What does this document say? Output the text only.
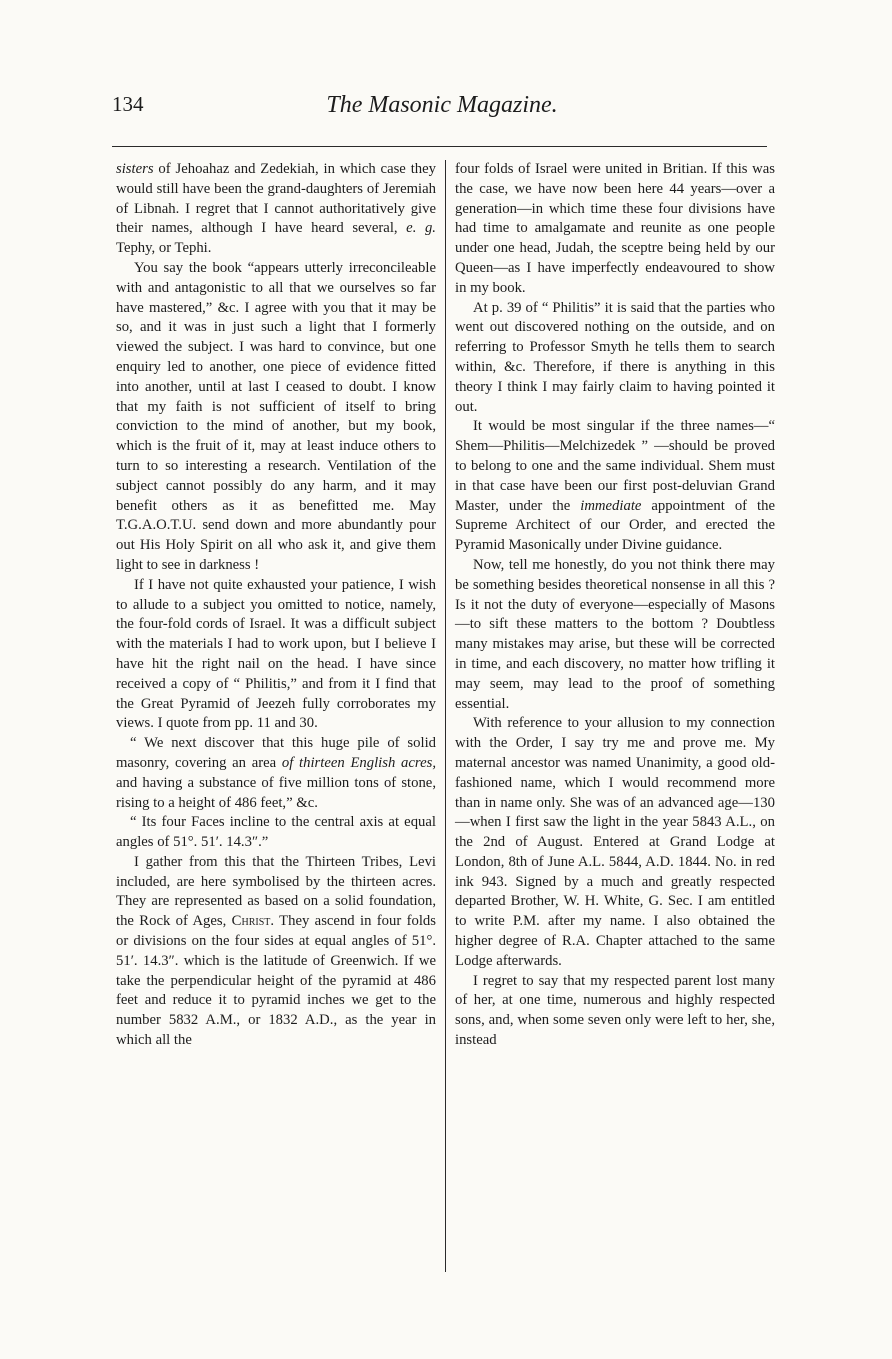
134	The Masonic Magazine.

sisters of Jehoahaz and Zedekiah, in which case they would still have been the grand-daughters of Jeremiah of Libnah. I regret that I cannot authoritatively give their names, although I have heard several, e. g. Tephy, or Tephi.

You say the book “appears utterly irreconcileable with and antagonistic to all that we ourselves so far have mastered,” &c. I agree with you that it may be so, and it was in just such a light that I formerly viewed the subject. I was hard to convince, but one enquiry led to another, one piece of evidence fitted into another, until at last I ceased to doubt. I know that my faith is not sufficient of itself to bring conviction to the mind of another, but my book, which is the fruit of it, may at least induce others to turn to so interesting a research. Ventilation of the subject cannot possibly do any harm, and it may benefit others as it as benefitted me. May T.G.A.O.T.U. send down and more abundantly pour out His Holy Spirit on all who ask it, and give them light to see in darkness !

If I have not quite exhausted your patience, I wish to allude to a subject you omitted to notice, namely, the four-fold cords of Israel. It was a difficult subject with the materials I had to work upon, but I believe I have hit the right nail on the head. I have since received a copy of “ Philitis,” and from it I find that the Great Pyramid of Jeezeh fully corroborates my views. I quote from pp. 11 and 30.

“ We next discover that this huge pile of solid masonry, covering an area of thirteen English acres, and having a substance of five million tons of stone, rising to a height of 486 feet,” &c.

“ Its four Faces incline to the central axis at equal angles of 51°. 51′. 14.3″.”

I gather from this that the Thirteen Tribes, Levi included, are here symbolised by the thirteen acres. They are represented as based on a solid foundation, the Rock of Ages, Christ. They ascend in four folds or divisions on the four sides at equal angles of 51°. 51′. 14.3″. which is the latitude of Greenwich. If we take the perpendicular height of the pyramid at 486 feet and reduce it to pyramid inches we get to the number 5832 A.M., or 1832 A.D., as the year in which all the

four folds of Israel were united in Britian. If this was the case, we have now been here 44 years—over a generation—in which time these four divisions have had time to amalgamate and reunite as one people under one head, Judah, the sceptre being held by our Queen—as I have imperfectly endeavoured to show in my book.

At p. 39 of “ Philitis” it is said that the parties who went out discovered nothing on the outside, and on referring to Professor Smyth he tells them to search within, &c. Therefore, if there is anything in this theory I think I may fairly claim to having pointed it out.

It would be most singular if the three names—“ Shem—Philitis—Melchizedek ” —should be proved to belong to one and the same individual. Shem must in that case have been our first post-deluvian Grand Master, under the immediate appointment of the Supreme Architect of our Order, and erected the Pyramid Masonically under Divine guidance.

Now, tell me honestly, do you not think there may be something besides theoretical nonsense in all this ? Is it not the duty of everyone—especially of Masons—to sift these matters to the bottom ? Doubtless many mistakes may arise, but these will be corrected in time, and each discovery, no matter how trifling it may seem, may lead to the proof of something essential.

With reference to your allusion to my connection with the Order, I say try me and prove me. My maternal ancestor was named Unanimity, a good old-fashioned name, which I would recommend more than in name only. She was of an advanced age—130—when I first saw the light in the year 5843 A.L., on the 2nd of August. Entered at Grand Lodge at London, 8th of June A.L. 5844, A.D. 1844. No. in red ink 943. Signed by a much and greatly respected departed Brother, W. H. White, G. Sec. I am entitled to write P.M. after my name. I also obtained the higher degree of R.A. Chapter attached to the same Lodge afterwards.

I regret to say that my respected parent lost many of her, at one time, numerous and highly respected sons, and, when some seven only were left to her, she, instead
